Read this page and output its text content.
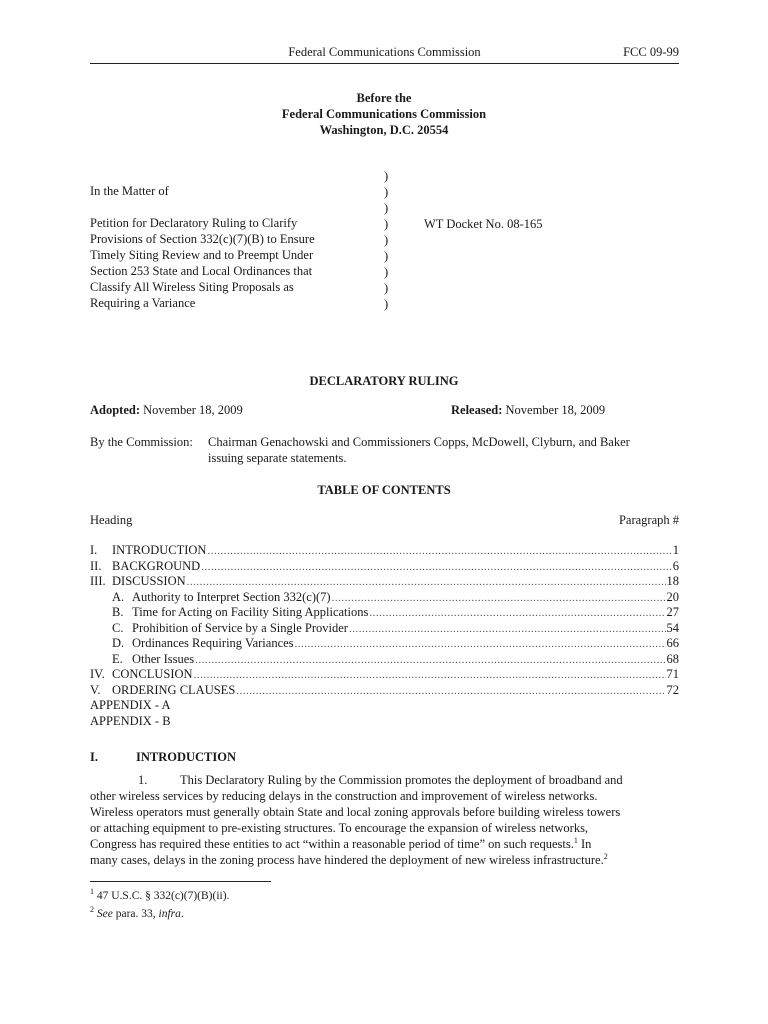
Federal Communications Commission	FCC 09-99
Before the
Federal Communications Commission
Washington, D.C. 20554
In the Matter of
Petition for Declaratory Ruling to Clarify
Provisions of Section 332(c)(7)(B) to Ensure
Timely Siting Review and to Preempt Under
Section 253 State and Local Ordinances that
Classify All Wireless Siting Proposals as
Requiring a Variance
)
)
)
)
)
)
)
)
)
WT Docket No. 08-165
DECLARATORY RULING
Adopted: November 18, 2009	Released: November 18, 2009
By the Commission: Chairman Genachowski and Commissioners Copps, McDowell, Clyburn, and Baker
issuing separate statements.
TABLE OF CONTENTS
Heading	Paragraph #
I.	INTRODUCTION .....	1
II. BACKGROUND .....	6
III. DISCUSSION .....	18
A. Authority to Interpret Section 332(c)(7) .....	20
B. Time for Acting on Facility Siting Applications .....	27
C. Prohibition of Service by a Single Provider .....	54
D. Ordinances Requiring Variances .....	66
E. Other Issues .....	68
IV. CONCLUSION .....	71
V. ORDERING CLAUSES .....	72
APPENDIX - A
APPENDIX - B
I.	INTRODUCTION
1.	This Declaratory Ruling by the Commission promotes the deployment of broadband and
other wireless services by reducing delays in the construction and improvement of wireless networks.
Wireless operators must generally obtain State and local zoning approvals before building wireless towers
or attaching equipment to pre-existing structures. To encourage the expansion of wireless networks,
Congress has required these entities to act “within a reasonable period of time” on such requests.$^1$ In
many cases, delays in the zoning process have hindered the deployment of new wireless infrastructure.$^2$
$^1$ 47 U.S.C. § 332(c)(7)(B)(ii).
$^2$ See para. 33, infra.
